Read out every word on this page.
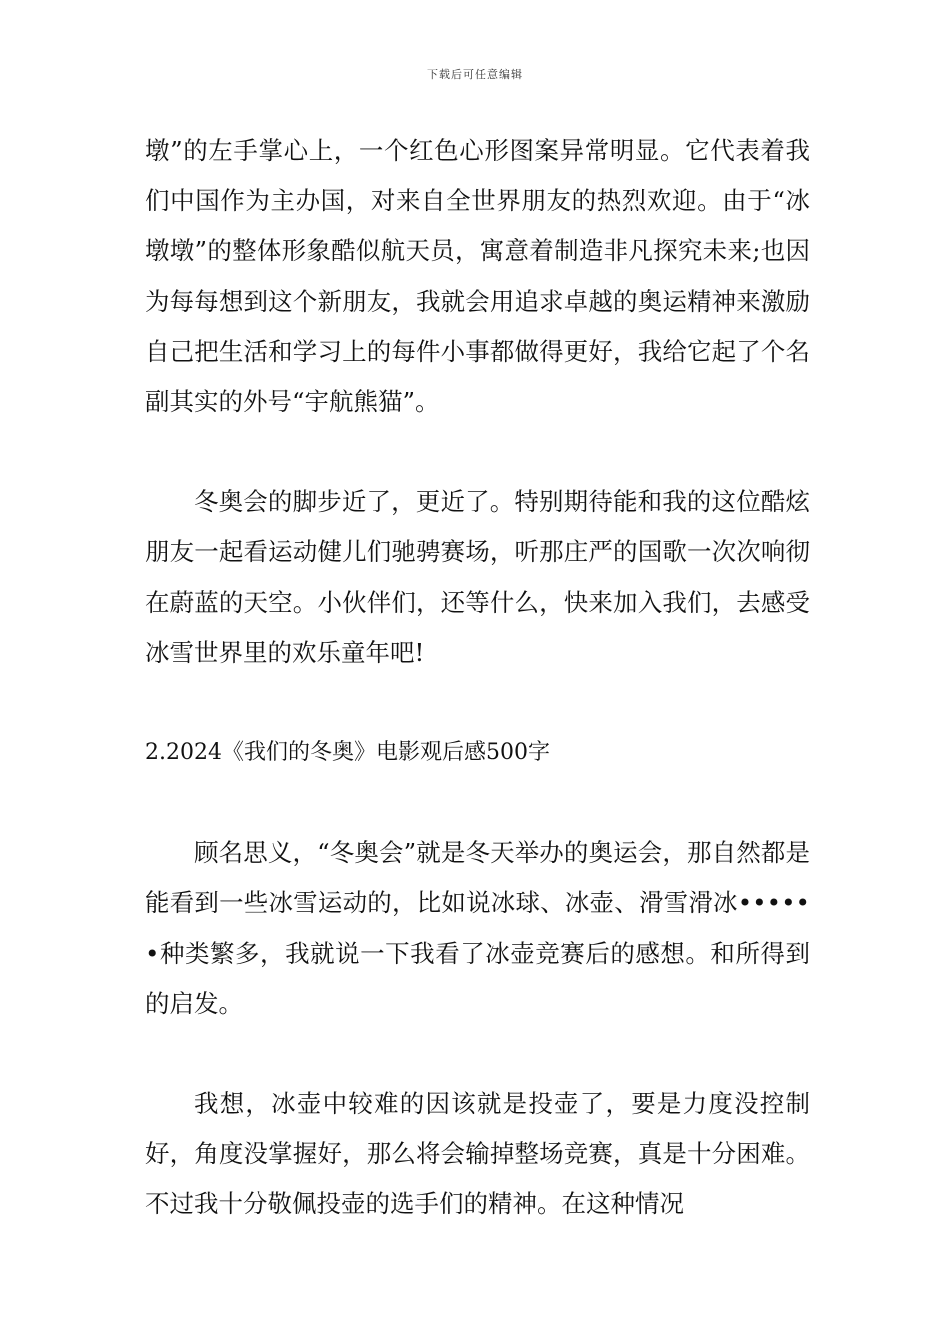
下载后可任意编辑

墩”的左手掌心上，一个红色心形图案异常明显。它代表着我们中国作为主办国，对来自全世界朋友的热烈欢迎。由于“冰墩墩”的整体形象酷似航天员，寓意着制造非凡探究未来;也因为每每想到这个新朋友，我就会用追求卓越的奥运精神来激励自己把生活和学习上的每件小事都做得更好，我给它起了个名副其实的外号“宇航熊猫”。

冬奥会的脚步近了，更近了。特别期待能和我的这位酷炫朋友一起看运动健儿们驰骋赛场，听那庄严的国歌一次次响彻在蔚蓝的天空。小伙伴们，还等什么，快来加入我们，去感受冰雪世界里的欢乐童年吧!

2.2024《我们的冬奥》电影观后感500字

顾名思义，“冬奥会”就是冬天举办的奥运会，那自然都是能看到一些冰雪运动的，比如说冰球、冰壶、滑雪滑冰••••••种类繁多，我就说一下我看了冰壶竞赛后的感想。和所得到的启发。

我想，冰壶中较难的因该就是投壶了，要是力度没控制好，角度没掌握好，那么将会输掉整场竞赛，真是十分困难。不过我十分敬佩投壶的选手们的精神。在这种情况
